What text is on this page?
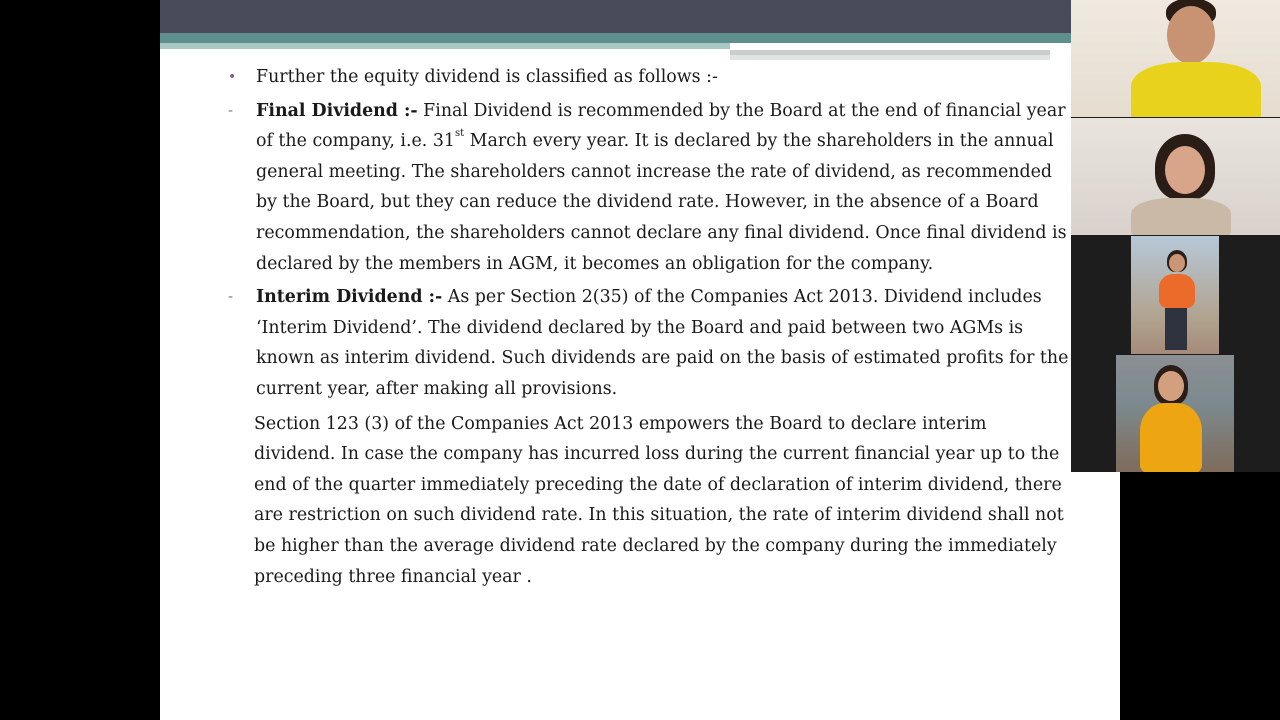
• Further the equity dividend is classified as follows :-

- Final Dividend :- Final Dividend is recommended by the Board at the end of financial year of the company, i.e. 31st March every year. It is declared by the shareholders in the annual general meeting. The shareholders cannot increase the rate of dividend, as recommended by the Board, but they can reduce the dividend rate. However, in the absence of a Board recommendation, the shareholders cannot declare any final dividend. Once final dividend is declared by the members in AGM, it becomes an obligation for the company.

- Interim Dividend :- As per Section 2(35) of the Companies Act 2013. Dividend includes ‘Interim Dividend’. The dividend declared by the Board and paid between two AGMs is known as interim dividend. Such dividends are paid on the basis of estimated profits for the current year, after making all provisions.

Section 123 (3) of the Companies Act 2013 empowers the Board to declare interim dividend. In case the company has incurred loss during the current financial year up to the end of the quarter immediately preceding the date of declaration of interim dividend, there are restriction on such dividend rate. In this situation, the rate of interim dividend shall not be higher than the average dividend rate declared by the company during the immediately preceding three financial year .
